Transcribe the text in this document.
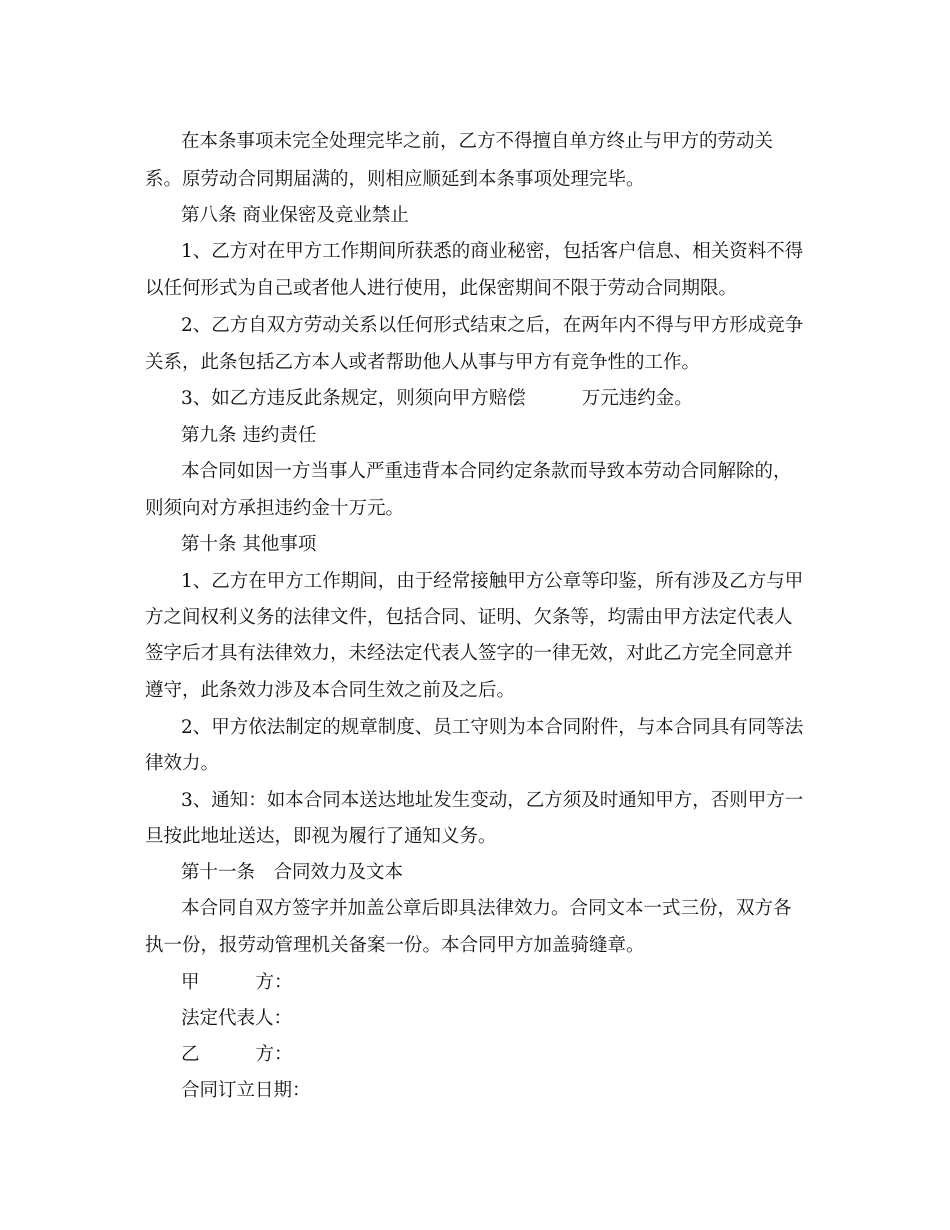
在本条事项未完全处理完毕之前，乙方不得擅自单方终止与甲方的劳动关
系。原劳动合同期届满的，则相应顺延到本条事项处理完毕。
第八条 商业保密及竞业禁止
1、乙方对在甲方工作期间所获悉的商业秘密，包括客户信息、相关资料不得
以任何形式为自己或者他人进行使用，此保密期间不限于劳动合同期限。
2、乙方自双方劳动关系以任何形式结束之后，在两年内不得与甲方形成竞争
关系，此条包括乙方本人或者帮助他人从事与甲方有竞争性的工作。
3、如乙方违反此条规定，则须向甲方赔偿	万元违约金。
第九条 违约责任
本合同如因一方当事人严重违背本合同约定条款而导致本劳动合同解除的，
则须向对方承担违约金十万元。
第十条 其他事项
1、乙方在甲方工作期间，由于经常接触甲方公章等印鉴，所有涉及乙方与甲
方之间权利义务的法律文件，包括合同、证明、欠条等，均需由甲方法定代表人
签字后才具有法律效力，未经法定代表人签字的一律无效，对此乙方完全同意并
遵守，此条效力涉及本合同生效之前及之后。
2、甲方依法制定的规章制度、员工守则为本合同附件，与本合同具有同等法
律效力。
3、通知：如本合同本送达地址发生变动，乙方须及时通知甲方，否则甲方一
旦按此地址送达，即视为履行了通知义务。
第十一条　合同效力及文本
本合同自双方签字并加盖公章后即具法律效力。合同文本一式三份，双方各
执一份，报劳动管理机关备案一份。本合同甲方加盖骑缝章。
甲	方：
法定代表人：
乙	方：
合同订立日期：
